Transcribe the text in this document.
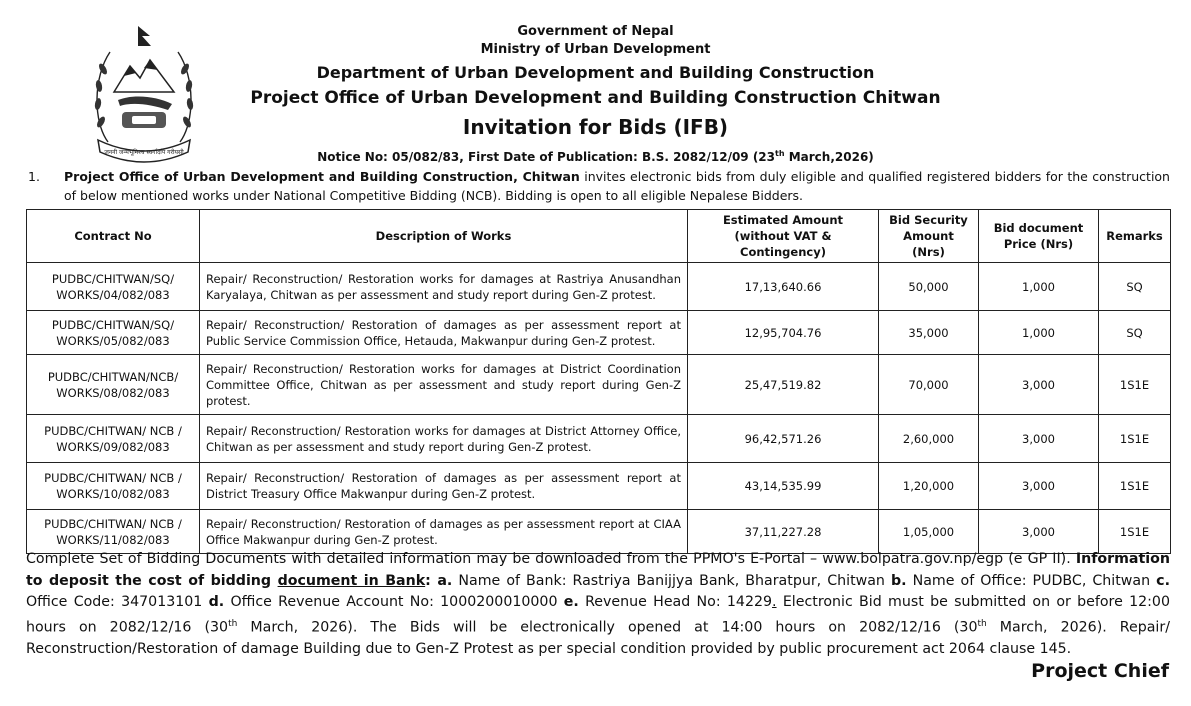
जननी जन्मभूमिश्च स्वर्गादपि गरीयसी
Government of Nepal
Ministry of Urban Development
Department of Urban Development and Building Construction
Project Office of Urban Development and Building Construction Chitwan
Invitation for Bids (IFB)
Notice No: 05/082/83, First Date of Publication: B.S. 2082/12/09 (23th March,2026)
1. Project Office of Urban Development and Building Construction, Chitwan invites electronic bids from duly eligible and qualified registered bidders for the construction of below mentioned works under National Competitive Bidding (NCB). Bidding is open to all eligible Nepalese Bidders.
Contract No	Description of Works	Estimated Amount (without VAT & Contingency)	Bid Security Amount (Nrs)	Bid document Price (Nrs)	Remarks
PUDBC/CHITWAN/SQ/ WORKS/04/082/083	Repair/ Reconstruction/ Restoration works for damages at Rastriya Anusandhan Karyalaya, Chitwan as per assessment and study report during Gen-Z protest.	17,13,640.66	50,000	1,000	SQ
PUDBC/CHITWAN/SQ/ WORKS/05/082/083	Repair/ Reconstruction/ Restoration of damages as per assessment report at Public Service Commission Office, Hetauda, Makwanpur during Gen-Z protest.	12,95,704.76	35,000	1,000	SQ
PUDBC/CHITWAN/NCB/ WORKS/08/082/083	Repair/ Reconstruction/ Restoration works for damages at District Coordination Committee Office, Chitwan as per assessment and study report during Gen-Z protest.	25,47,519.82	70,000	3,000	1S1E
PUDBC/CHITWAN/ NCB / WORKS/09/082/083	Repair/ Reconstruction/ Restoration works for damages at District Attorney Office, Chitwan as per assessment and study report during Gen-Z protest.	96,42,571.26	2,60,000	3,000	1S1E
PUDBC/CHITWAN/ NCB / WORKS/10/082/083	Repair/ Reconstruction/ Restoration of damages as per assessment report at District Treasury Office Makwanpur during Gen-Z protest.	43,14,535.99	1,20,000	3,000	1S1E
PUDBC/CHITWAN/ NCB / WORKS/11/082/083	Repair/ Reconstruction/ Restoration of damages as per assessment report at CIAA Office Makwanpur during Gen-Z protest.	37,11,227.28	1,05,000	3,000	1S1E
Complete Set of Bidding Documents with detailed information may be downloaded from the PPMO's E-Portal – www.bolpatra.gov.np/egp (e GP II). Information to deposit the cost of bidding document in Bank: a. Name of Bank: Rastriya Banijjya Bank, Bharatpur, Chitwan b. Name of Office: PUDBC, Chitwan c. Office Code: 347013101 d. Office Revenue Account No: 1000200010000 e. Revenue Head No: 14229. Electronic Bid must be submitted on or before 12:00 hours on 2082/12/16 (30th March, 2026). The Bids will be electronically opened at 14:00 hours on 2082/12/16 (30th March, 2026). Repair/ Reconstruction/Restoration of damage Building due to Gen-Z Protest as per special condition provided by public procurement act 2064 clause 145.
Project Chief
